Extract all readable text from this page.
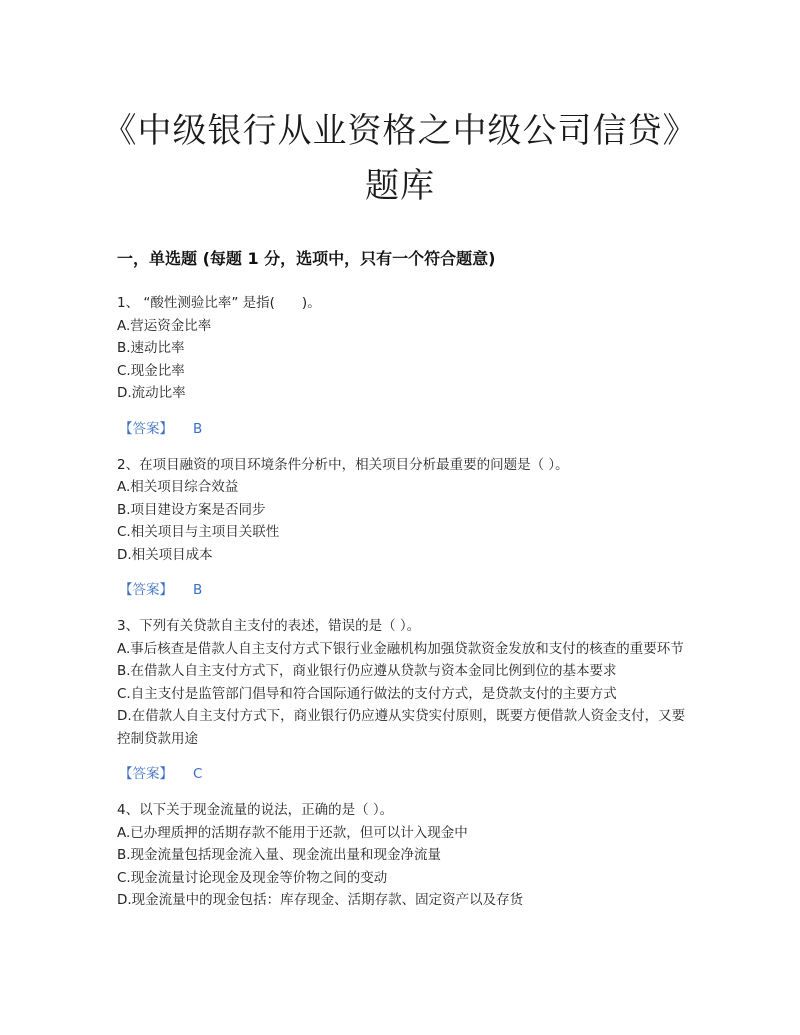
《中级银行从业资格之中级公司信贷》题库
一，单选题 (每题 1 分，选项中，只有一个符合题意)
1、 “酸性测验比率” 是指(　　)。
A.营运资金比率
B.速动比率
C.现金比率
D.流动比率
【答案】 B
2、在项目融资的项目环境条件分析中，相关项目分析最重要的问题是（ ）。
A.相关项目综合效益
B.项目建设方案是否同步
C.相关项目与主项目关联性
D.相关项目成本
【答案】 B
3、下列有关贷款自主支付的表述，错误的是（ ）。
A.事后核查是借款人自主支付方式下银行业金融机构加强贷款资金发放和支付的核查的重要环节
B.在借款人自主支付方式下，商业银行仍应遵从贷款与资本金同比例到位的基本要求
C.自主支付是监管部门倡导和符合国际通行做法的支付方式，是贷款支付的主要方式
D.在借款人自主支付方式下，商业银行仍应遵从实贷实付原则，既要方便借款人资金支付，又要控制贷款用途
【答案】 C
4、以下关于现金流量的说法，正确的是（ ）。
A.已办理质押的活期存款不能用于还款，但可以计入现金中
B.现金流量包括现金流入量、现金流出量和现金净流量
C.现金流量讨论现金及现金等价物之间的变动
D.现金流量中的现金包括：库存现金、活期存款、固定资产以及存货
